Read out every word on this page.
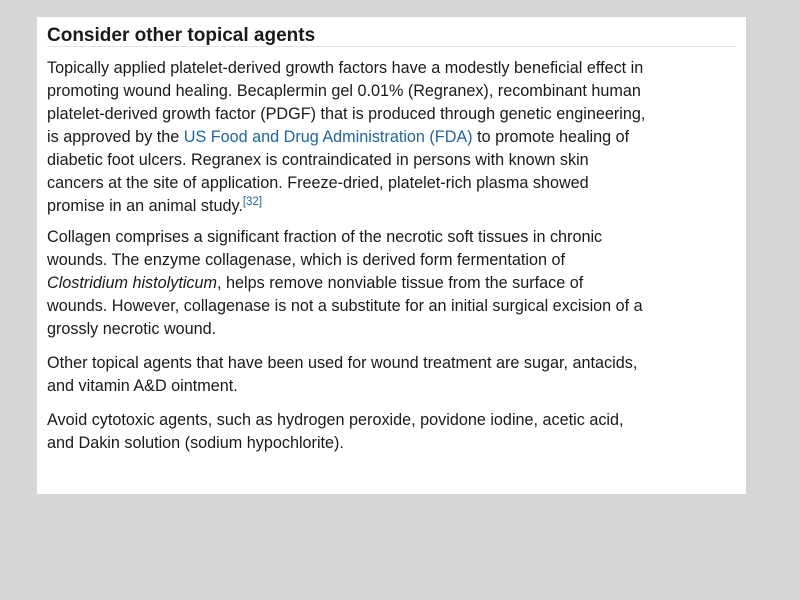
Consider other topical agents

Topically applied platelet-derived growth factors have a modestly beneficial effect in
promoting wound healing. Becaplermin gel 0.01% (Regranex), recombinant human
platelet-derived growth factor (PDGF) that is produced through genetic engineering,
is approved by the US Food and Drug Administration (FDA) to promote healing of
diabetic foot ulcers. Regranex is contraindicated in persons with known skin
cancers at the site of application. Freeze-dried, platelet-rich plasma showed
promise in an animal study.[32]

Collagen comprises a significant fraction of the necrotic soft tissues in chronic
wounds. The enzyme collagenase, which is derived form fermentation of
Clostridium histolyticum, helps remove nonviable tissue from the surface of
wounds. However, collagenase is not a substitute for an initial surgical excision of a
grossly necrotic wound.

Other topical agents that have been used for wound treatment are sugar, antacids,
and vitamin A&D ointment.

Avoid cytotoxic agents, such as hydrogen peroxide, povidone iodine, acetic acid,
and Dakin solution (sodium hypochlorite).
